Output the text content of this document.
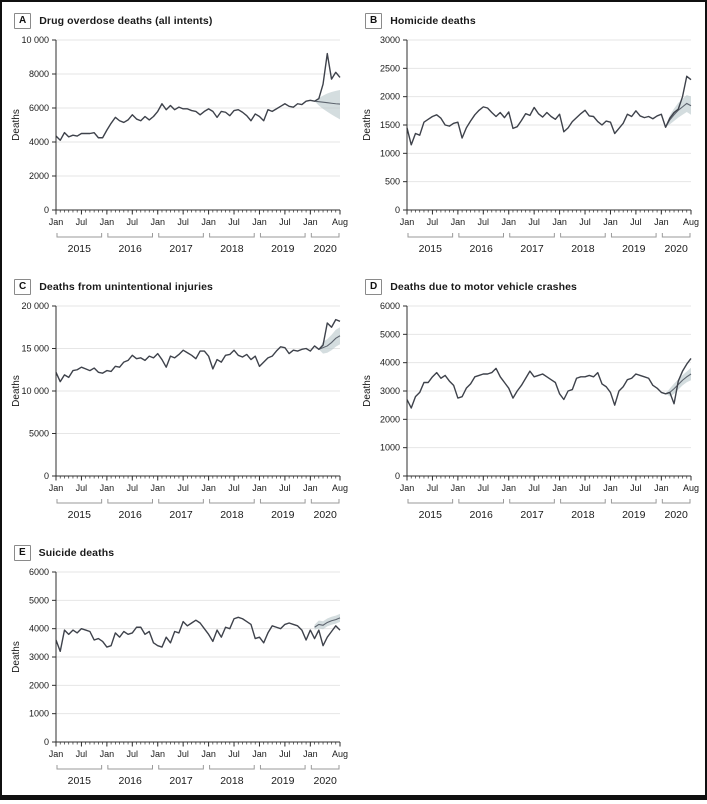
A	Drug overdose deaths (all intents)
0
2000
4000
6000
8000
10 000
Jan Jul Jan Jul Jan Jul Jan Jul Jan Jul Jan Aug
2015	2016	2017	2018	2019 2020
Deaths
B	Homicide deaths
0
500
1000
1500
2000
2500
3000
Jan Jul Jan Jul Jan Jul Jan Jul Jan Jul Jan Aug
2015	2016	2017	2018	2019 2020
Deaths
C	Deaths from unintentional injuries
0
5000
10 000
15 000
20 000
Jan Jul Jan Jul Jan Jul Jan Jul Jan Jul Jan Aug
2015	2016	2017	2018	2019 2020
Deaths
D	Deaths due to motor vehicle crashes
0
1000
2000
3000
4000
5000
6000
Jan Jul Jan Jul Jan Jul Jan Jul Jan Jul Jan Aug
2015	2016	2017	2018	2019 2020
Deaths
E	Suicide deaths
0
1000
2000
3000
4000
5000
6000
Jan Jul Jan Jul Jan Jul Jan Jul Jan Jul Jan Aug
2015	2016	2017	2018	2019 2020
Deaths
